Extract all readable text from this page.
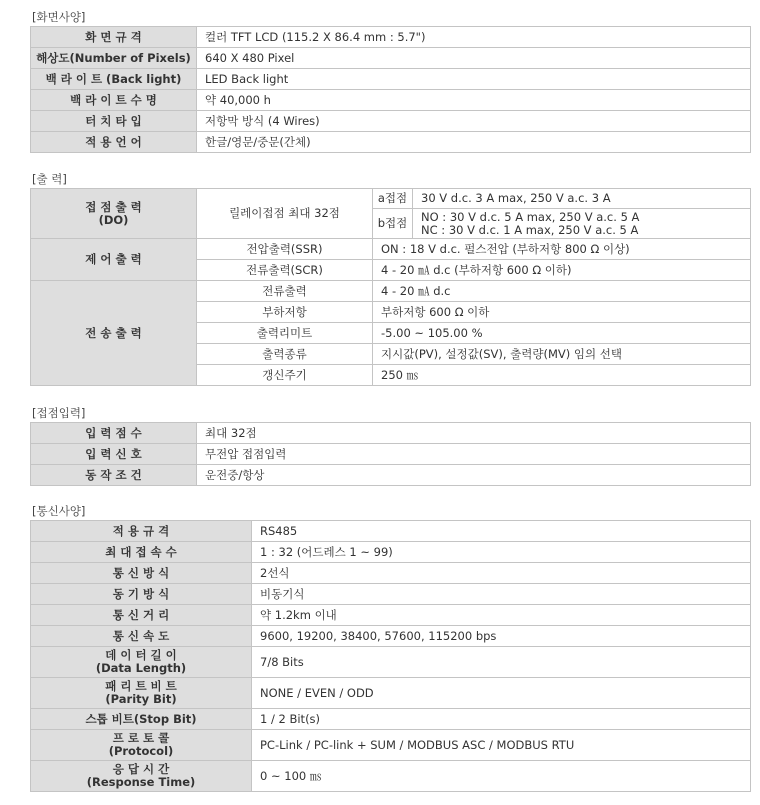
[화면사양]
화 면 규 격	컬러 TFT LCD (115.2 X 86.4 mm : 5.7")
해상도(Number of Pixels)	640 X 480 Pixel
백 라 이 트 (Back light)	LED Back light
백 라 이 트 수 명	약 40,000 h
터 치 타 입	저항막 방식 (4 Wires)
적 용 언 어	한글/영문/중문(간체)
[출 력]
접 점 출 력
(DO)	릴레이접점 최대 32점	a접점	30 V d.c. 3 A max, 250 V a.c. 3 A
		b접점	NO : 30 V d.c. 5 A max, 250 V a.c. 5 A
NC : 30 V d.c. 1 A max, 250 V a.c. 5 A

제 어 출 력	전압출력(SSR)	ON : 18 V d.c. 펄스전압 (부하저항 800 Ω 이상)	
	전류출력(SCR)	4 - 20 ㎃ d.c (부하저항 600 Ω 이하)	
전 송 출 력	전류출력	4 - 20 ㎃ d.c	
	부하저항	부하저항 600 Ω 이하	
	출력리미트	-5.00 ~ 105.00 %	
	출력종류	지시값(PV), 설정값(SV), 출력량(MV) 임의 선택	
	갱신주기	250 ㎳	
[접점입력]
입 력 점 수	최대 32점
입 력 신 호	무전압 접점입력
동 작 조 건	운전중/항상
[통신사양]
적 용 규 격	RS485
최 대 접 속 수	1 : 32 (어드레스 1 ~ 99)
통 신 방 식	2선식
동 기 방 식	비동기식
통 신 거 리	약 1.2km 이내
통 신 속 도	9600, 19200, 38400, 57600, 115200 bps

데 이 터 길 이
(Data Length)	7/8 Bits

패 리 트 비 트
(Parity Bit)	NONE / EVEN / ODD
스톱 비트(Stop Bit)	1 / 2 Bit(s)

프 로 토 콜
(Protocol)	PC-Link / PC-link + SUM / MODBUS ASC / MODBUS RTU

응 답 시 간
(Response Time)	0 ~ 100 ㎳
